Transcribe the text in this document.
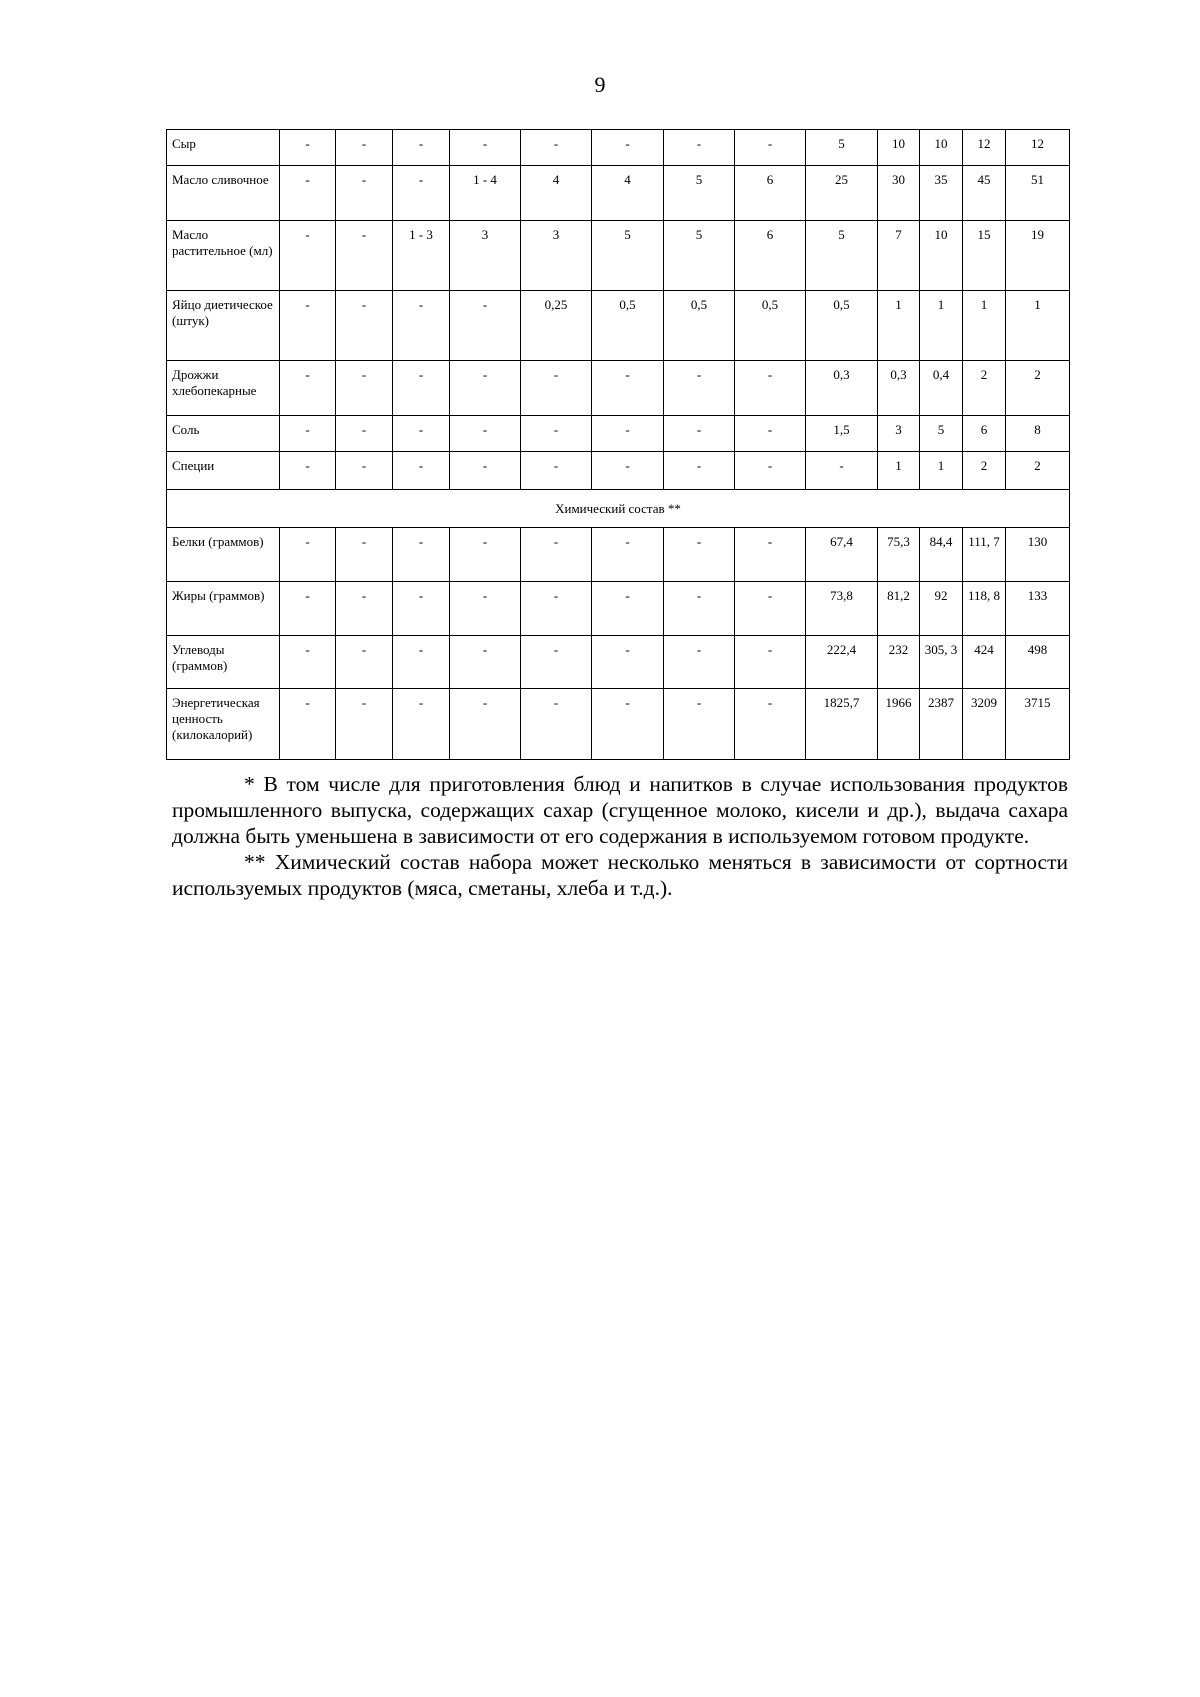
9
Сыр	-	-	-	-	-	-	-	-	5	10	10	12	12
Масло сливочное	-	-	-	1 - 4	4	4	5	6	25	30	35	45	51
Масло растительное (мл)	-	-	1 - 3	3	3	5	5	6	5	7	10	15	19
Яйцо диетическое (штук)	-	-	-	-	0,25	0,5	0,5	0,5	0,5	1	1	1	1
Дрожжи хлебопекарные	-	-	-	-	-	-	-	-	0,3	0,3	0,4	2	2
Соль	-	-	-	-	-	-	-	-	1,5	3	5	6	8
Специи	-	-	-	-	-	-	-	-	-	1	1	2	2
Химический состав **													
Белки (граммов)	-	-	-	-	-	-	-	-	67,4	75,3	84,4	111, 7	130
Жиры (граммов)	-	-	-	-	-	-	-	-	73,8	81,2	92	118, 8	133
Углеводы (граммов)	-	-	-	-	-	-	-	-	222,4	232	305, 3	424	498
Энергетическая ценность (килокалорий)	-	-	-	-	-	-	-	-	1825,7	1966	2387	3209	3715

* В том числе для приготовления блюд и напитков в случае использования продуктов промышленного выпуска, содержащих сахар (сгущенное молоко, кисели и др.), выдача сахара должна быть уменьшена в зависимости от его содержания в используемом готовом продукте.

** Химический состав набора может несколько меняться в зависимости от сортности используемых продуктов (мяса, сметаны, хлеба и т.д.).
